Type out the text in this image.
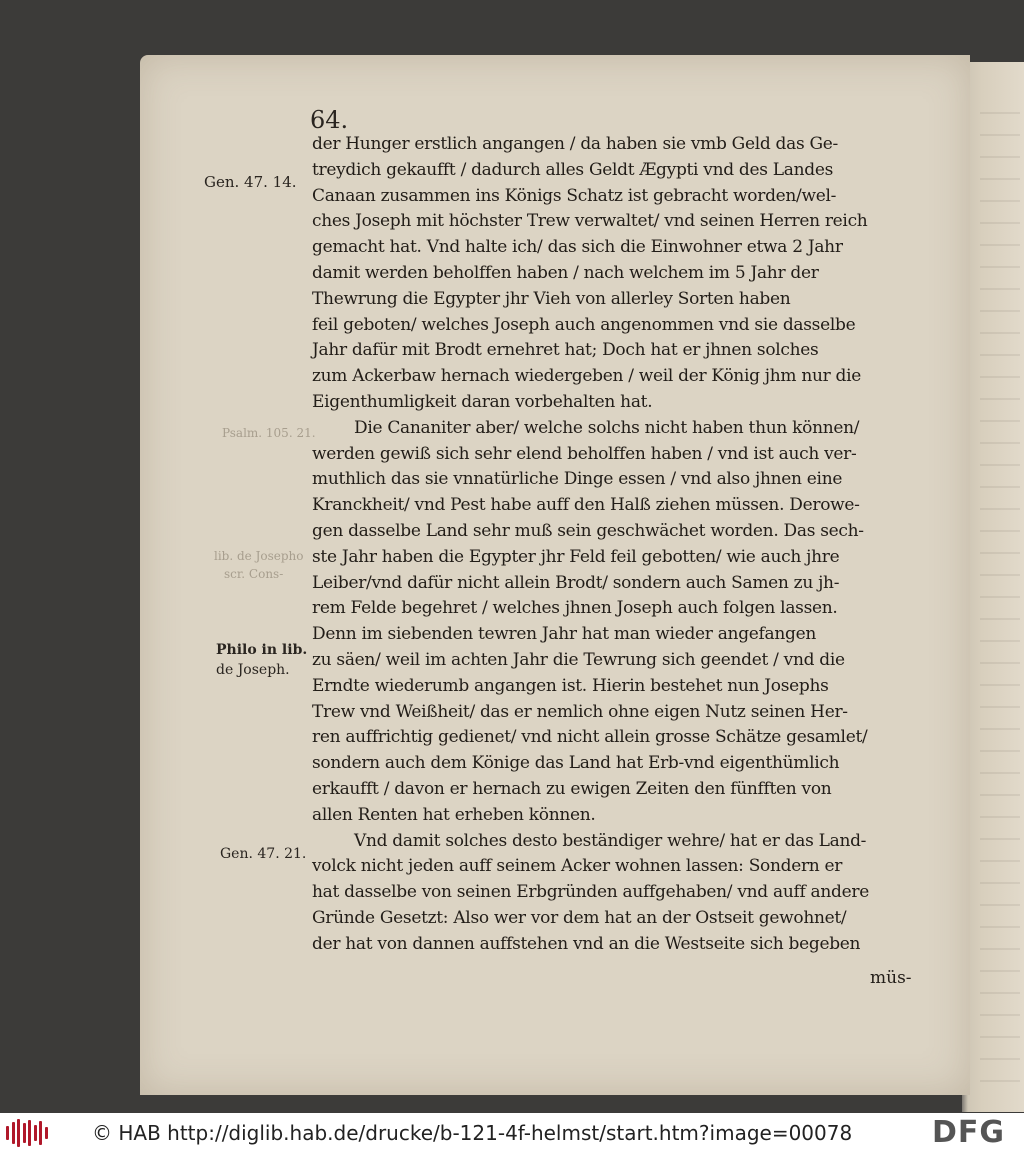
Psalm. 105. 21.
lib. de Josepho
scr. Cons-
64.
Gen. 47. 14.
Philo in lib.
de Joseph.
Gen. 47. 21.
der Hunger erstlich angangen / da haben sie vmb Geld das Ge-
treydich gekaufft / dadurch alles Geldt Ægypti vnd des Landes
Canaan zusammen ins Königs Schatz ist gebracht worden/wel-
ches Joseph mit höchster Trew verwaltet/ vnd seinen Herren reich
gemacht hat. Vnd halte ich/ das sich die Einwohner etwa 2 Jahr
damit werden beholffen haben / nach welchem im 5 Jahr der
Thewrung die Egypter jhr Vieh von allerley Sorten haben
feil geboten/ welches Joseph auch angenommen vnd sie dasselbe
Jahr dafür mit Brodt ernehret hat; Doch hat er jhnen solches
zum Ackerbaw hernach wiedergeben / weil der König jhm nur die
Eigenthumligkeit daran vorbehalten hat.
Die Cananiter aber/ welche solchs nicht haben thun können/
werden gewiß sich sehr elend beholffen haben / vnd ist auch ver-
muthlich das sie vnnatürliche Dinge essen / vnd also jhnen eine
Kranckheit/ vnd Pest habe auff den Halß ziehen müssen. Derowe-
gen dasselbe Land sehr muß sein geschwächet worden. Das sech-
ste Jahr haben die Egypter jhr Feld feil gebotten/ wie auch jhre
Leiber/vnd dafür nicht allein Brodt/ sondern auch Samen zu jh-
rem Felde begehret / welches jhnen Joseph auch folgen lassen.
Denn im siebenden tewren Jahr hat man wieder angefangen
zu säen/ weil im achten Jahr die Tewrung sich geendet / vnd die
Erndte wiederumb angangen ist. Hierin bestehet nun Josephs
Trew vnd Weißheit/ das er nemlich ohne eigen Nutz seinen Her-
ren auffrichtig gedienet/ vnd nicht allein grosse Schätze gesamlet/
sondern auch dem Könige das Land hat Erb-vnd eigenthümlich
erkaufft / davon er hernach zu ewigen Zeiten den fünfften von
allen Renten hat erheben können.
Vnd damit solches desto beständiger wehre/ hat er das Land-
volck nicht jeden auff seinem Acker wohnen lassen: Sondern er
hat dasselbe von seinen Erbgründen auffgehaben/ vnd auff andere
Gründe Gesetzt: Also wer vor dem hat an der Ostseit gewohnet/
der hat von dannen auffstehen vnd an die Westseite sich begeben
müs-
© HAB http://diglib.hab.de/drucke/b-121-4f-helmst/start.htm?image=00078	DFG
